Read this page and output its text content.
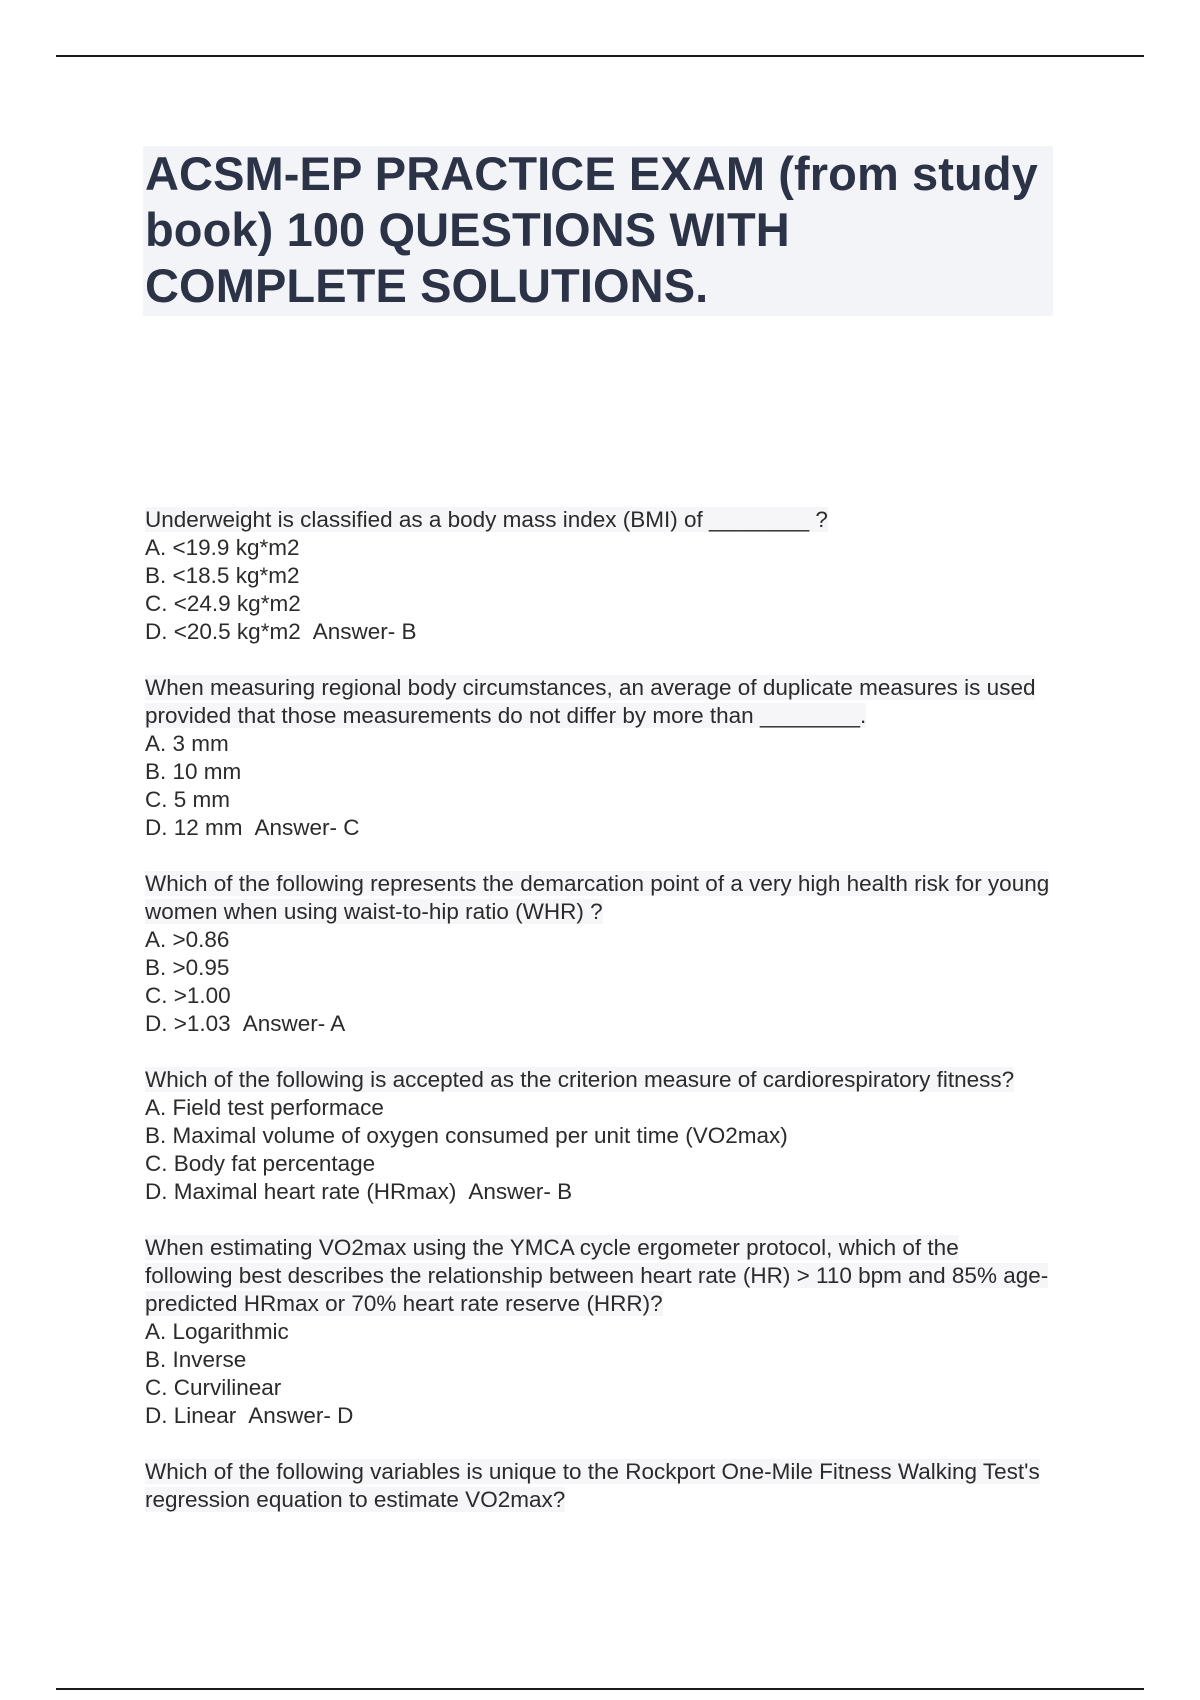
ACSM-EP PRACTICE EXAM (from study book) 100 QUESTIONS WITH COMPLETE SOLUTIONS.

Underweight is classified as a body mass index (BMI) of ________ ?

A. <19.9 kg*m2
B. <18.5 kg*m2
C. <24.9 kg*m2
D. <20.5 kg*m2 Answer- B

When measuring regional body circumstances, an average of duplicate measures is used provided that those measurements do not differ by more than ________.

A. 3 mm
B. 10 mm
C. 5 mm
D. 12 mm Answer- C

Which of the following represents the demarcation point of a very high health risk for young women when using waist-to-hip ratio (WHR) ?

A. >0.86
B. >0.95
C. >1.00
D. >1.03 Answer- A

Which of the following is accepted as the criterion measure of cardiorespiratory fitness?

A. Field test performace
B. Maximal volume of oxygen consumed per unit time (VO2max)
C. Body fat percentage
D. Maximal heart rate (HRmax) Answer- B

When estimating VO2max using the YMCA cycle ergometer protocol, which of the following best describes the relationship between heart rate (HR) > 110 bpm and 85% age-predicted HRmax or 70% heart rate reserve (HRR)?

A. Logarithmic
B. Inverse
C. Curvilinear
D. Linear Answer- D

Which of the following variables is unique to the Rockport One-Mile Fitness Walking Test's regression equation to estimate VO2max?
